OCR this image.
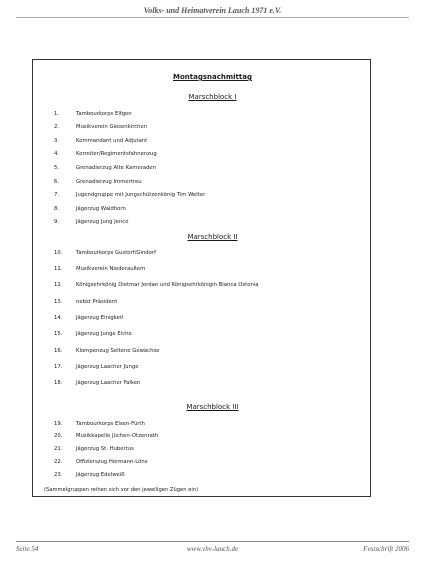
Volks- und Heimatverein Lauch 1971 e.V.
Montagsnachmittag
Marschblock I
1.	Tambourkorps Elfgen
2.	Musikverein Giesenkirchen
3.	Kommandant und Adjutant
4.	Korreiter/Regimentsfahnenzug
5.	Grenadierzug Alte Kameraden
6.	Grenadierzug Immertreu
7.	Jugendgruppe mit Jungschützenkönig Tim Welter
8.	Jägerzug Waldhorn
9.	Jägerzug Jung Jenco
Marschblock II
10.	Tambourkorps Gustorf/Gindorf
11.	Musikverein Niederaußem
12.	Königsehrkönig Dietmar Jordan und Königsehrkönigin Bianca Ostonia
13.	nebst Präsident
14.	Jägerzug Einigkeit
15.	Jägerzug Junge Eiche
16.	Klompenzug Seltene Gewächse
17.	Jägerzug Laacher Junge
18.	Jägerzug Laacher Falken
Marschblock III
19.	Tambourkorps Elsen-Fürth
20.	Musikkapelle Jüchen-Otzenrath
21.	Jägerzug St. Hubertus
22.	Offizierszug Hermann-Löns
23.	Jägerzug Edelweiß
(Sammelgruppen reihen sich vor den jeweiligen Zügen ein)
Seite 54	www.vhv-lauch.de	Festschrift 2006
